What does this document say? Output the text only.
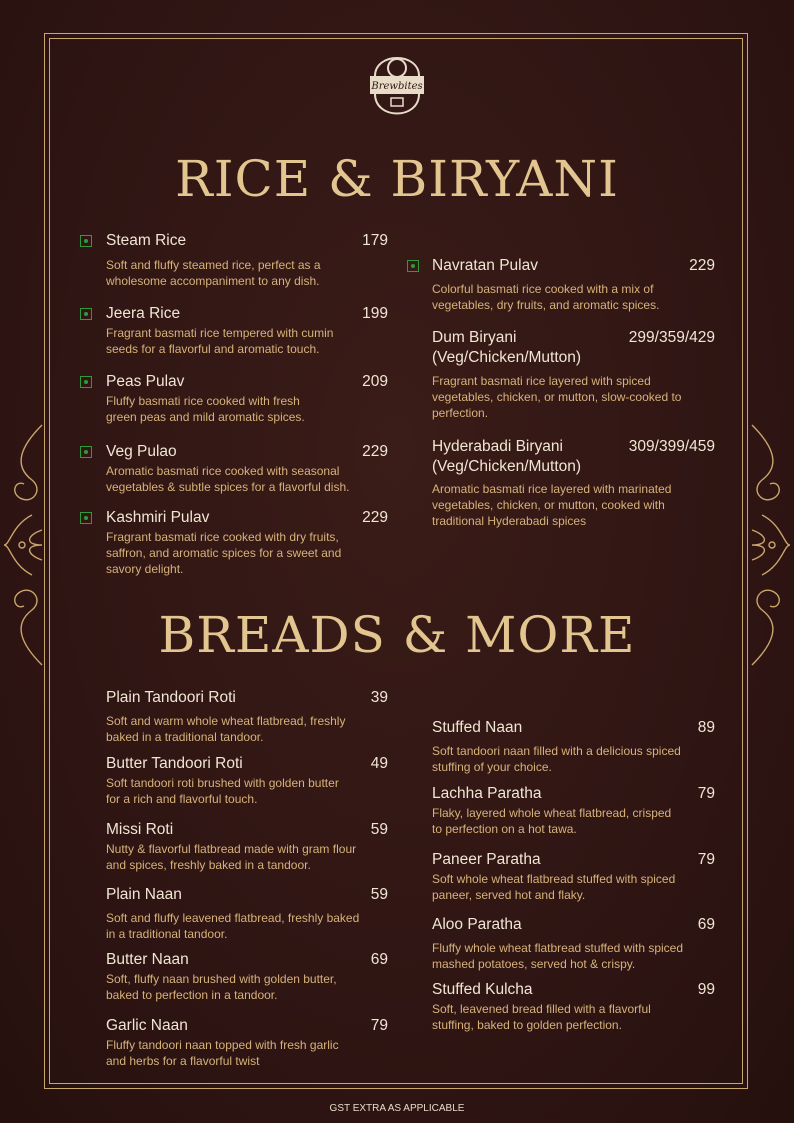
Brewbites
RICE & BIRYANI
BREADS & MORE
Steam Rice	179
Soft and fluffy steamed rice, perfect as a wholesome accompaniment to any dish.
Jeera Rice	199
Fragrant basmati rice tempered with cumin seeds for a flavorful and aromatic touch.
Peas Pulav	209
Fluffy basmati rice cooked with fresh green peas and mild aromatic spices.
Veg Pulao	229
Aromatic basmati rice cooked with seasonal vegetables & subtle spices for a flavorful dish.
Kashmiri Pulav	229
Fragrant basmati rice cooked with dry fruits, saffron, and aromatic spices for a sweet and savory delight.
Navratan Pulav	229
Colorful basmati rice cooked with a mix of vegetables, dry fruits, and aromatic spices.
Dum Biryani
(Veg/Chicken/Mutton)
299/359/429
Fragrant basmati rice layered with spiced vegetables, chicken, or mutton, slow-cooked to perfection.
Hyderabadi Biryani
(Veg/Chicken/Mutton)
309/399/459
Aromatic basmati rice layered with marinated vegetables, chicken, or mutton, cooked with traditional Hyderabadi spices
Plain Tandoori Roti	39
Soft and warm whole wheat flatbread, freshly baked in a traditional tandoor.
Butter Tandoori Roti	49
Soft tandoori roti brushed with golden butter for a rich and flavorful touch.
Missi Roti	59
Nutty & flavorful flatbread made with gram flour and spices, freshly baked in a tandoor.
Plain Naan	59
Soft and fluffy leavened flatbread, freshly baked in a traditional tandoor.
Butter Naan	69
Soft, fluffy naan brushed with golden butter, baked to perfection in a tandoor.
Garlic Naan	79
Fluffy tandoori naan topped with fresh garlic and herbs for a flavorful twist
Stuffed Naan	89
Soft tandoori naan filled with a delicious spiced stuffing of your choice.
Lachha Paratha	79
Flaky, layered whole wheat flatbread, crisped to perfection on a hot tawa.
Paneer Paratha	79
Soft whole wheat flatbread stuffed with spiced paneer, served hot and flaky.
Aloo Paratha	69
Fluffy whole wheat flatbread stuffed with spiced mashed potatoes, served hot & crispy.
Stuffed Kulcha	99
Soft, leavened bread filled with a flavorful stuffing, baked to golden perfection.
GST EXTRA AS APPLICABLE
